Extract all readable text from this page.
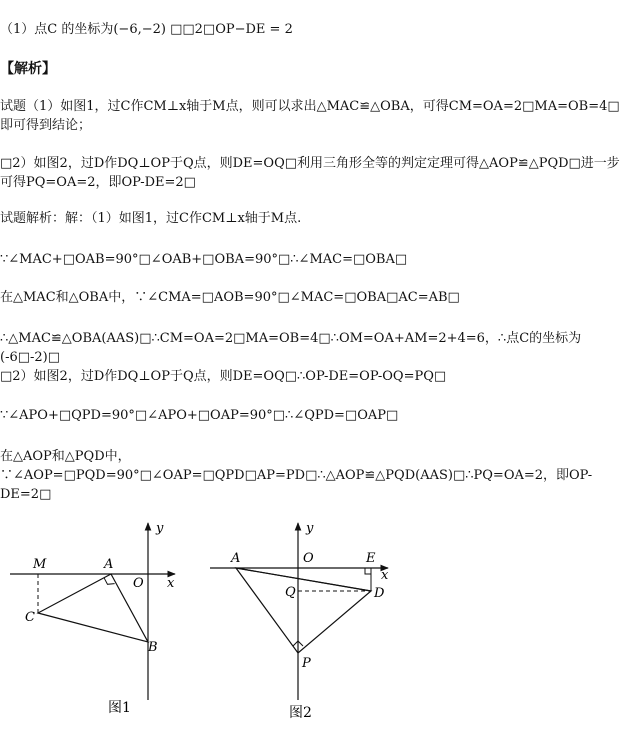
（1）点C 的坐标为(−6,−2) □□2□OP−DE = 2
【解析】
试题（1）如图1，过C作CM⊥x轴于M点，则可以求出△MAC≌△OBA，可得CM=OA=2□MA=OB=4□即可得到结论；
□2）如图2，过D作DQ⊥OP于Q点，则DE=OQ□利用三角形全等的判定定理可得△AOP≌△PQD□进一步可得PQ=OA=2，即OP-DE=2□
试题解析：解：（1）如图1，过C作CM⊥x轴于M点.
∵∠MAC+□OAB=90°□∠OAB+□OBA=90°□∴∠MAC=□OBA□
在△MAC和△OBA中，∵∠CMA=□AOB=90°□∠MAC=□OBA□AC=AB□
∴△MAC≌△OBA(AAS)□∴CM=OA=2□MA=OB=4□∴OM=OA+AM=2+4=6，∴点C的坐标为(-6□-2)□
□2）如图2，过D作DQ⊥OP于Q点，则DE=OQ□∴OP-DE=OP-OQ=PQ□
∵∠APO+□QPD=90°□∠APO+□OAP=90°□∴∠QPD=□OAP□
在△AOP和△PQD中，∵∠AOP=□PQD=90°□∠OAP=□QPD□AP=PD□∴△AOP≌△PQD(AAS)□∴PQ=OA=2，即OP-DE=2□
M	A
O x
y
C
B
图1
A	O	E
x
y
Q	D
P
图2
